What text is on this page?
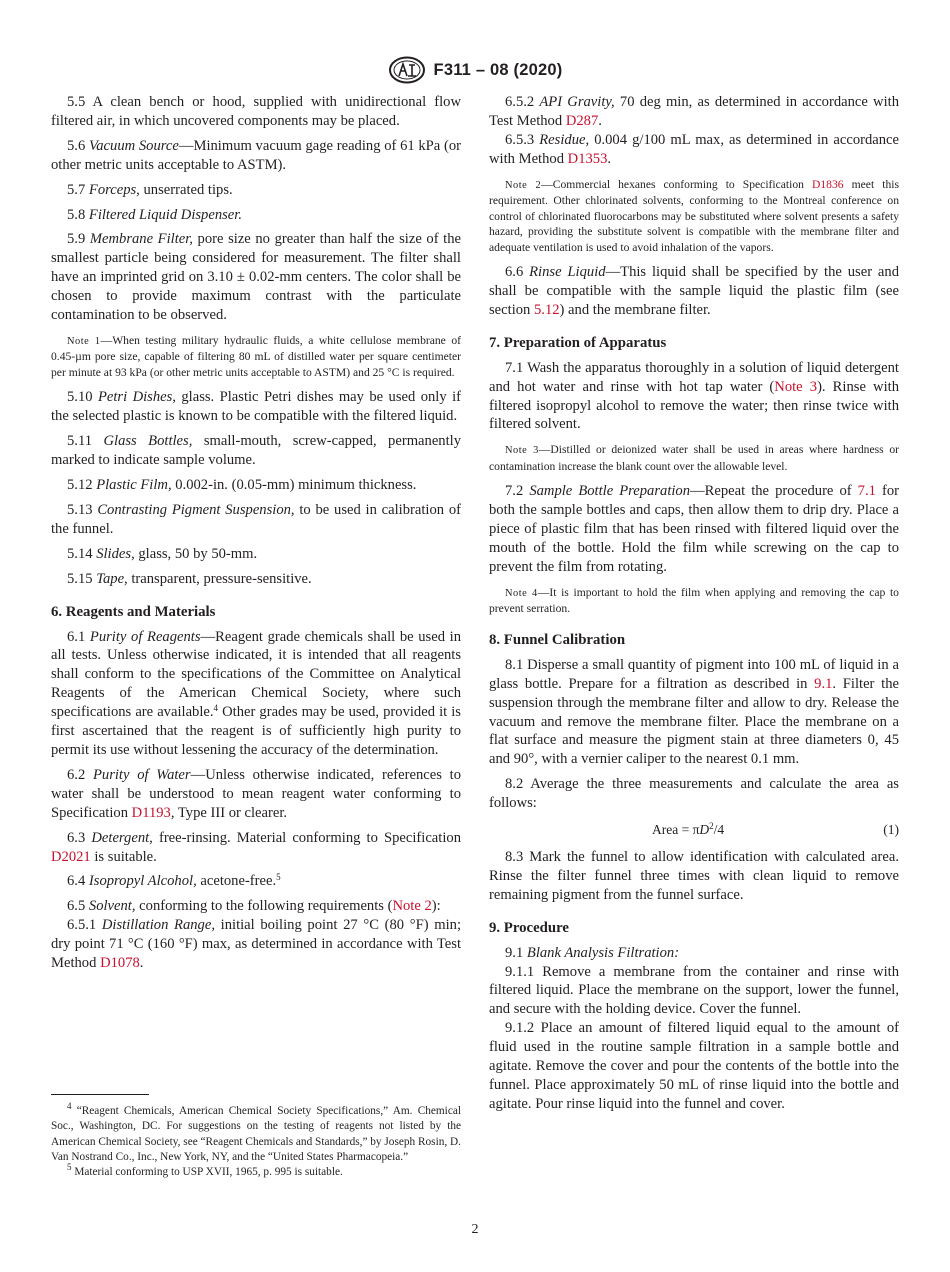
F311 – 08 (2020)

5.5 A clean bench or hood, supplied with unidirectional flow filtered air, in which uncovered components may be placed.

5.6 Vacuum Source—Minimum vacuum gage reading of 61 kPa (or other metric units acceptable to ASTM).

5.7 Forceps, unserrated tips.

5.8 Filtered Liquid Dispenser.

5.9 Membrane Filter, pore size no greater than half the size of the smallest particle being considered for measurement. The filter shall have an imprinted grid on 3.10 ± 0.02-mm centers. The color shall be chosen to provide maximum contrast with the particulate contamination to be observed.

Note 1—When testing military hydraulic fluids, a white cellulose membrane of 0.45-µm pore size, capable of filtering 80 mL of distilled water per square centimeter per minute at 93 kPa (or other metric units acceptable to ASTM) and 25 °C is required.

5.10 Petri Dishes, glass. Plastic Petri dishes may be used only if the selected plastic is known to be compatible with the filtered liquid.

5.11 Glass Bottles, small-mouth, screw-capped, permanently marked to indicate sample volume.

5.12 Plastic Film, 0.002-in. (0.05-mm) minimum thickness.

5.13 Contrasting Pigment Suspension, to be used in calibration of the funnel.

5.14 Slides, glass, 50 by 50-mm.

5.15 Tape, transparent, pressure-sensitive.

6. Reagents and Materials

6.1 Purity of Reagents—Reagent grade chemicals shall be used in all tests. Unless otherwise indicated, it is intended that all reagents shall conform to the specifications of the Committee on Analytical Reagents of the American Chemical Society, where such specifications are available.$^4$ Other grades may be used, provided it is first ascertained that the reagent is of sufficiently high purity to permit its use without lessening the accuracy of the determination.

6.2 Purity of Water—Unless otherwise indicated, references to water shall be understood to mean reagent water conforming to Specification D1193, Type III or clearer.

6.3 Detergent, free-rinsing. Material conforming to Specification D2021 is suitable.

6.4 Isopropyl Alcohol, acetone-free.$^5$

6.5 Solvent, conforming to the following requirements (Note 2):

6.5.1 Distillation Range, initial boiling point 27 °C (80 °F) min; dry point 71 °C (160 °F) max, as determined in accordance with Test Method D1078.

$^4$ “Reagent Chemicals, American Chemical Society Specifications,” Am. Chemical Soc., Washington, DC. For suggestions on the testing of reagents not listed by the American Chemical Society, see “Reagent Chemicals and Standards,” by Joseph Rosin, D. Van Nostrand Co., Inc., New York, NY, and the “United States Pharmacopeia.”

$^5$ Material conforming to USP XVII, 1965, p. 995 is suitable.

6.5.2 API Gravity, 70 deg min, as determined in accordance with Test Method D287.

6.5.3 Residue, 0.004 g/100 mL max, as determined in accordance with Method D1353.

Note 2—Commercial hexanes conforming to Specification D1836 meet this requirement. Other chlorinated solvents, conforming to the Montreal conference on control of chlorinated fluorocarbons may be substituted where solvent presents a safety hazard, providing the substitute solvent is compatible with the membrane filter and adequate ventilation is used to avoid inhalation of the vapors.

6.6 Rinse Liquid—This liquid shall be specified by the user and shall be compatible with the sample liquid the plastic film (see section 5.12) and the membrane filter.

7. Preparation of Apparatus

7.1 Wash the apparatus thoroughly in a solution of liquid detergent and hot water and rinse with hot tap water (Note 3). Rinse with filtered isopropyl alcohol to remove the water; then rinse twice with filtered solvent.

Note 3—Distilled or deionized water shall be used in areas where hardness or contamination increase the blank count over the allowable level.

7.2 Sample Bottle Preparation—Repeat the procedure of 7.1 for both the sample bottles and caps, then allow them to drip dry. Place a piece of plastic film that has been rinsed with filtered liquid over the mouth of the bottle. Hold the film while screwing on the cap to prevent the film from rotating.

Note 4—It is important to hold the film when applying and removing the cap to prevent serration.

8. Funnel Calibration

8.1 Disperse a small quantity of pigment into 100 mL of liquid in a glass bottle. Prepare for a filtration as described in 9.1. Filter the suspension through the membrane filter and allow to dry. Release the vacuum and remove the membrane filter. Place the membrane on a flat surface and measure the pigment stain at three diameters 0, 45 and 90°, with a vernier caliper to the nearest 0.1 mm.

8.2 Average the three measurements and calculate the area as follows:

Area = $\pi D^2/4$	(1)

8.3 Mark the funnel to allow identification with calculated area. Rinse the filter funnel three times with clean liquid to remove remaining pigment from the funnel surface.

9. Procedure

9.1 Blank Analysis Filtration:

9.1.1 Remove a membrane from the container and rinse with filtered liquid. Place the membrane on the support, lower the funnel, and secure with the holding device. Cover the funnel.

9.1.2 Place an amount of filtered liquid equal to the amount of fluid used in the routine sample filtration in a sample bottle and agitate. Remove the cover and pour the contents of the bottle into the funnel. Place approximately 50 mL of rinse liquid into the bottle and agitate. Pour rinse liquid into the funnel and cover.

2
